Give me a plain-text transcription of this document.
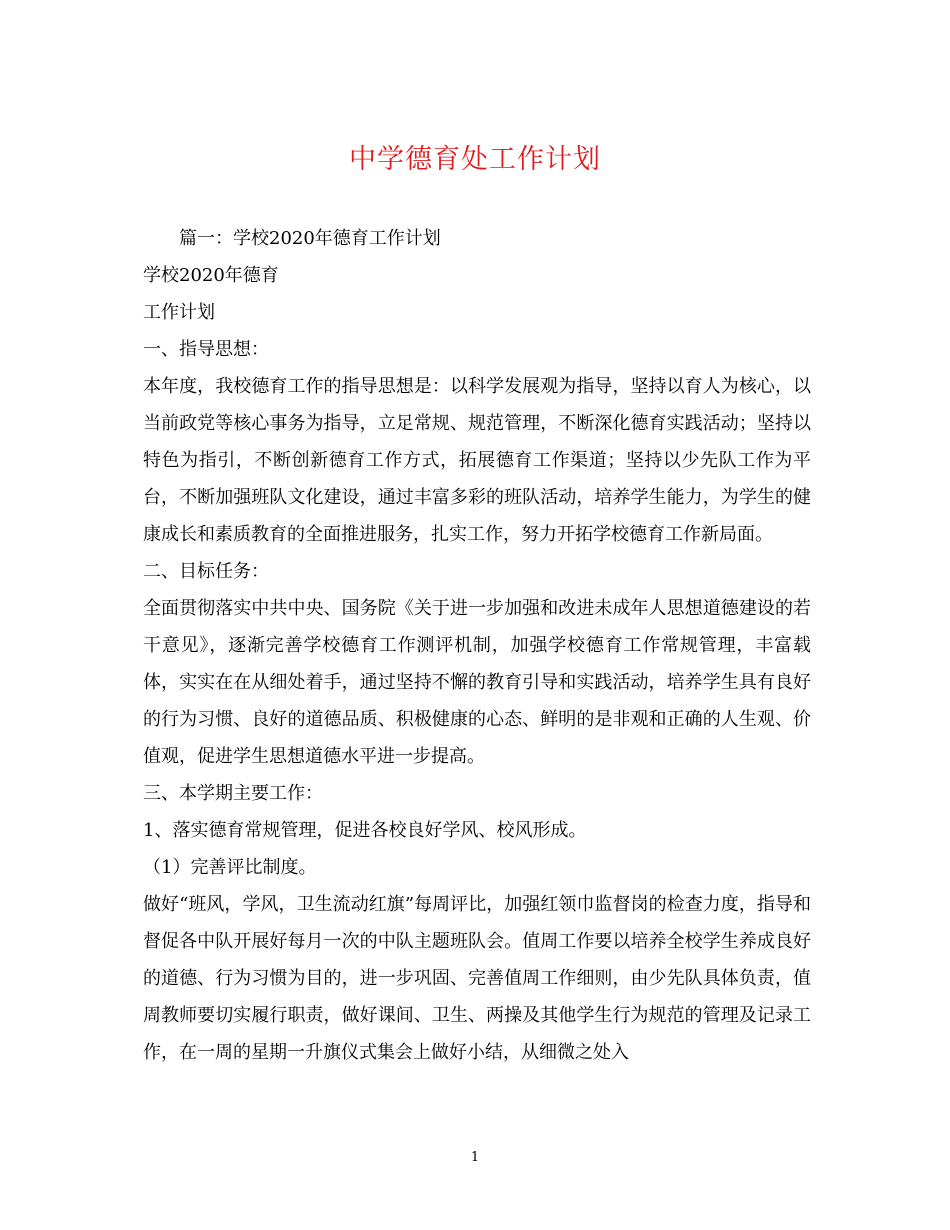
中学德育处工作计划

篇一：学校2020年德育工作计划

学校2020年德育

工作计划

一、指导思想：

本年度，我校德育工作的指导思想是：以科学发展观为指导，坚持以育人为核心，以当前政党等核心事务为指导，立足常规、规范管理，不断深化德育实践活动；坚持以特色为指引，不断创新德育工作方式，拓展德育工作渠道；坚持以少先队工作为平台，不断加强班队文化建设，通过丰富多彩的班队活动，培养学生能力，为学生的健康成长和素质教育的全面推进服务，扎实工作，努力开拓学校德育工作新局面。

二、目标任务：

全面贯彻落实中共中央、国务院《关于进一步加强和改进未成年人思想道德建设的若干意见》，逐渐完善学校德育工作测评机制，加强学校德育工作常规管理，丰富载体，实实在在从细处着手，通过坚持不懈的教育引导和实践活动，培养学生具有良好的行为习惯、良好的道德品质、积极健康的心态、鲜明的是非观和正确的人生观、价值观，促进学生思想道德水平进一步提高。

三、本学期主要工作：

1、落实德育常规管理，促进各校良好学风、校风形成。

（1）完善评比制度。

做好“班风，学风，卫生流动红旗”每周评比，加强红领巾监督岗的检查力度，指导和督促各中队开展好每月一次的中队主题班队会。值周工作要以培养全校学生养成良好的道德、行为习惯为目的，进一步巩固、完善值周工作细则，由少先队具体负责，值周教师要切实履行职责，做好课间、卫生、两操及其他学生行为规范的管理及记录工作，在一周的星期一升旗仪式集会上做好小结，从细微之处入

1
